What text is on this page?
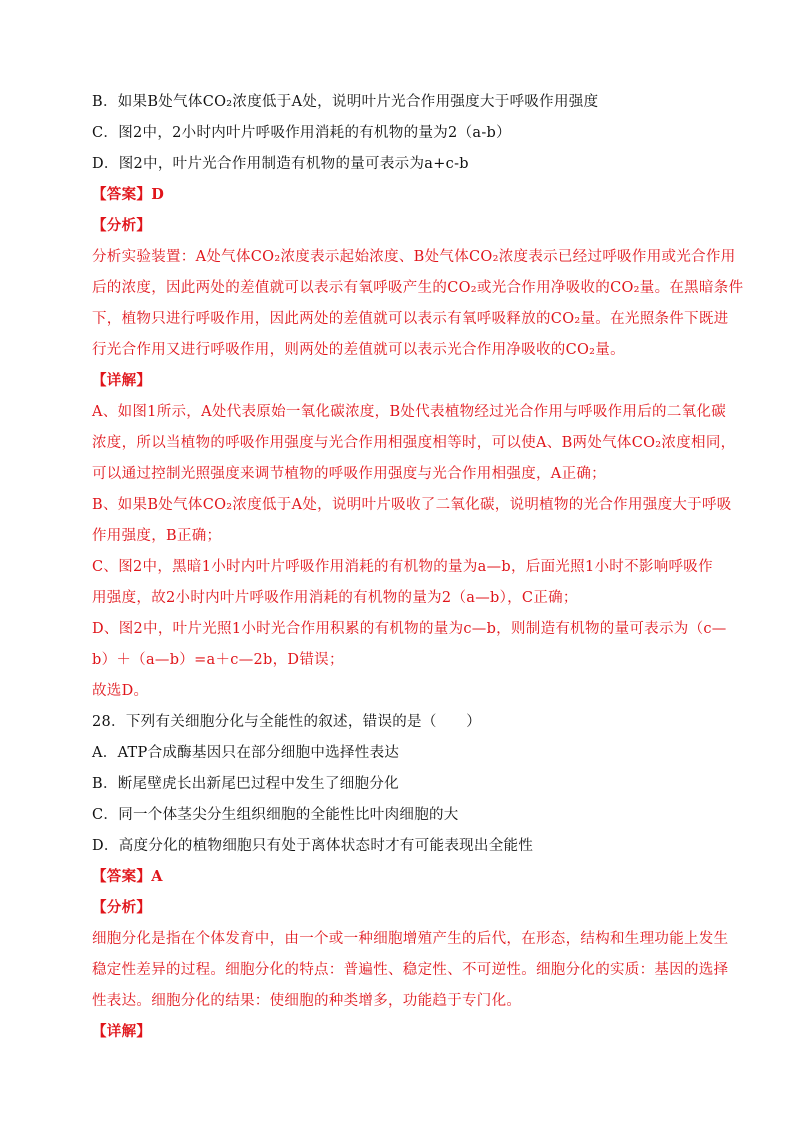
B．如果B处气体CO₂浓度低于A处，说明叶片光合作用强度大于呼吸作用强度
C．图2中，2小时内叶片呼吸作用消耗的有机物的量为2（a-b）
D．图2中，叶片光合作用制造有机物的量可表示为a+c-b
【答案】D
【分析】
分析实验装置：A处气体CO₂浓度表示起始浓度、B处气体CO₂浓度表示已经过呼吸作用或光合作用
后的浓度，因此两处的差值就可以表示有氧呼吸产生的CO₂或光合作用净吸收的CO₂量。在黑暗条件
下，植物只进行呼吸作用，因此两处的差值就可以表示有氧呼吸释放的CO₂量。在光照条件下既进
行光合作用又进行呼吸作用，则两处的差值就可以表示光合作用净吸收的CO₂量。
【详解】
A、如图1所示，A处代表原始一氧化碳浓度，B处代表植物经过光合作用与呼吸作用后的二氧化碳
浓度，所以当植物的呼吸作用强度与光合作用相强度相等时，可以使A、B两处气体CO₂浓度相同，
可以通过控制光照强度来调节植物的呼吸作用强度与光合作用相强度，A正确；
B、如果B处气体CO₂浓度低于A处，说明叶片吸收了二氧化碳，说明植物的光合作用强度大于呼吸
作用强度，B正确；
C、图2中，黑暗1小时内叶片呼吸作用消耗的有机物的量为a—b，后面光照1小时不影响呼吸作
用强度，故2小时内叶片呼吸作用消耗的有机物的量为2（a—b），C正确；
D、图2中，叶片光照1小时光合作用积累的有机物的量为c—b，则制造有机物的量可表示为（c—
b）＋（a—b）=a＋c—2b，D错误；
故选D。
28．下列有关细胞分化与全能性的叙述，错误的是（　　）
A．ATP合成酶基因只在部分细胞中选择性表达
B．断尾壁虎长出新尾巴过程中发生了细胞分化
C．同一个体茎尖分生组织细胞的全能性比叶肉细胞的大
D．高度分化的植物细胞只有处于离体状态时才有可能表现出全能性
【答案】A
【分析】
细胞分化是指在个体发育中，由一个或一种细胞增殖产生的后代，在形态，结构和生理功能上发生
稳定性差异的过程。细胞分化的特点：普遍性、稳定性、不可逆性。细胞分化的实质：基因的选择
性表达。细胞分化的结果：使细胞的种类增多，功能趋于专门化。
【详解】
